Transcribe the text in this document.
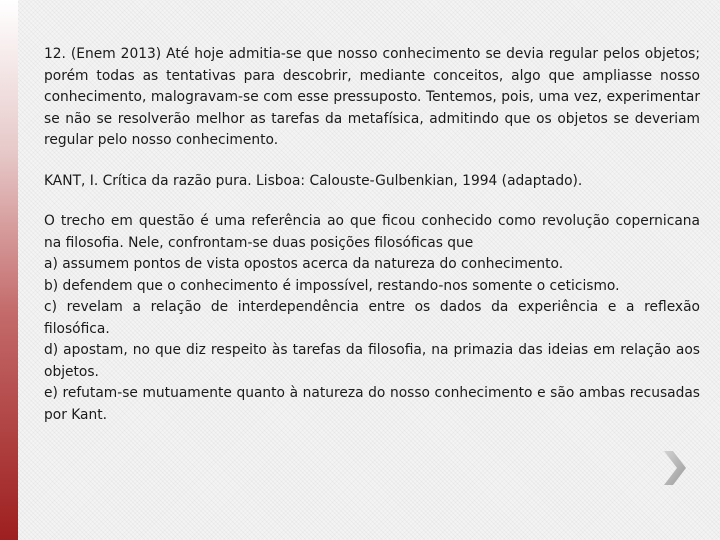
12. (Enem 2013) Até hoje admitia-se que nosso conhecimento se devia regular pelos objetos; porém todas as tentativas para descobrir, mediante conceitos, algo que ampliasse nosso conhecimento, malogravam-se com esse pressuposto. Tentemos, pois, uma vez, experimentar se não se resolverão melhor as tarefas da metafísica, admitindo que os objetos se deveriam regular pelo nosso conhecimento.

KANT, I. Crítica da razão pura. Lisboa: Calouste-Gulbenkian, 1994 (adaptado).

O trecho em questão é uma referência ao que ficou conhecido como revolução copernicana na filosofia. Nele, confrontam-se duas posições filosóficas que

a) assumem pontos de vista opostos acerca da natureza do conhecimento.

b) defendem que o conhecimento é impossível, restando-nos somente o ceticismo.

c) revelam a relação de interdependência entre os dados da experiência e a reflexão filosófica.

d) apostam, no que diz respeito às tarefas da filosofia, na primazia das ideias em relação aos objetos.

e) refutam-se mutuamente quanto à natureza do nosso conhecimento e são ambas recusadas por Kant.
